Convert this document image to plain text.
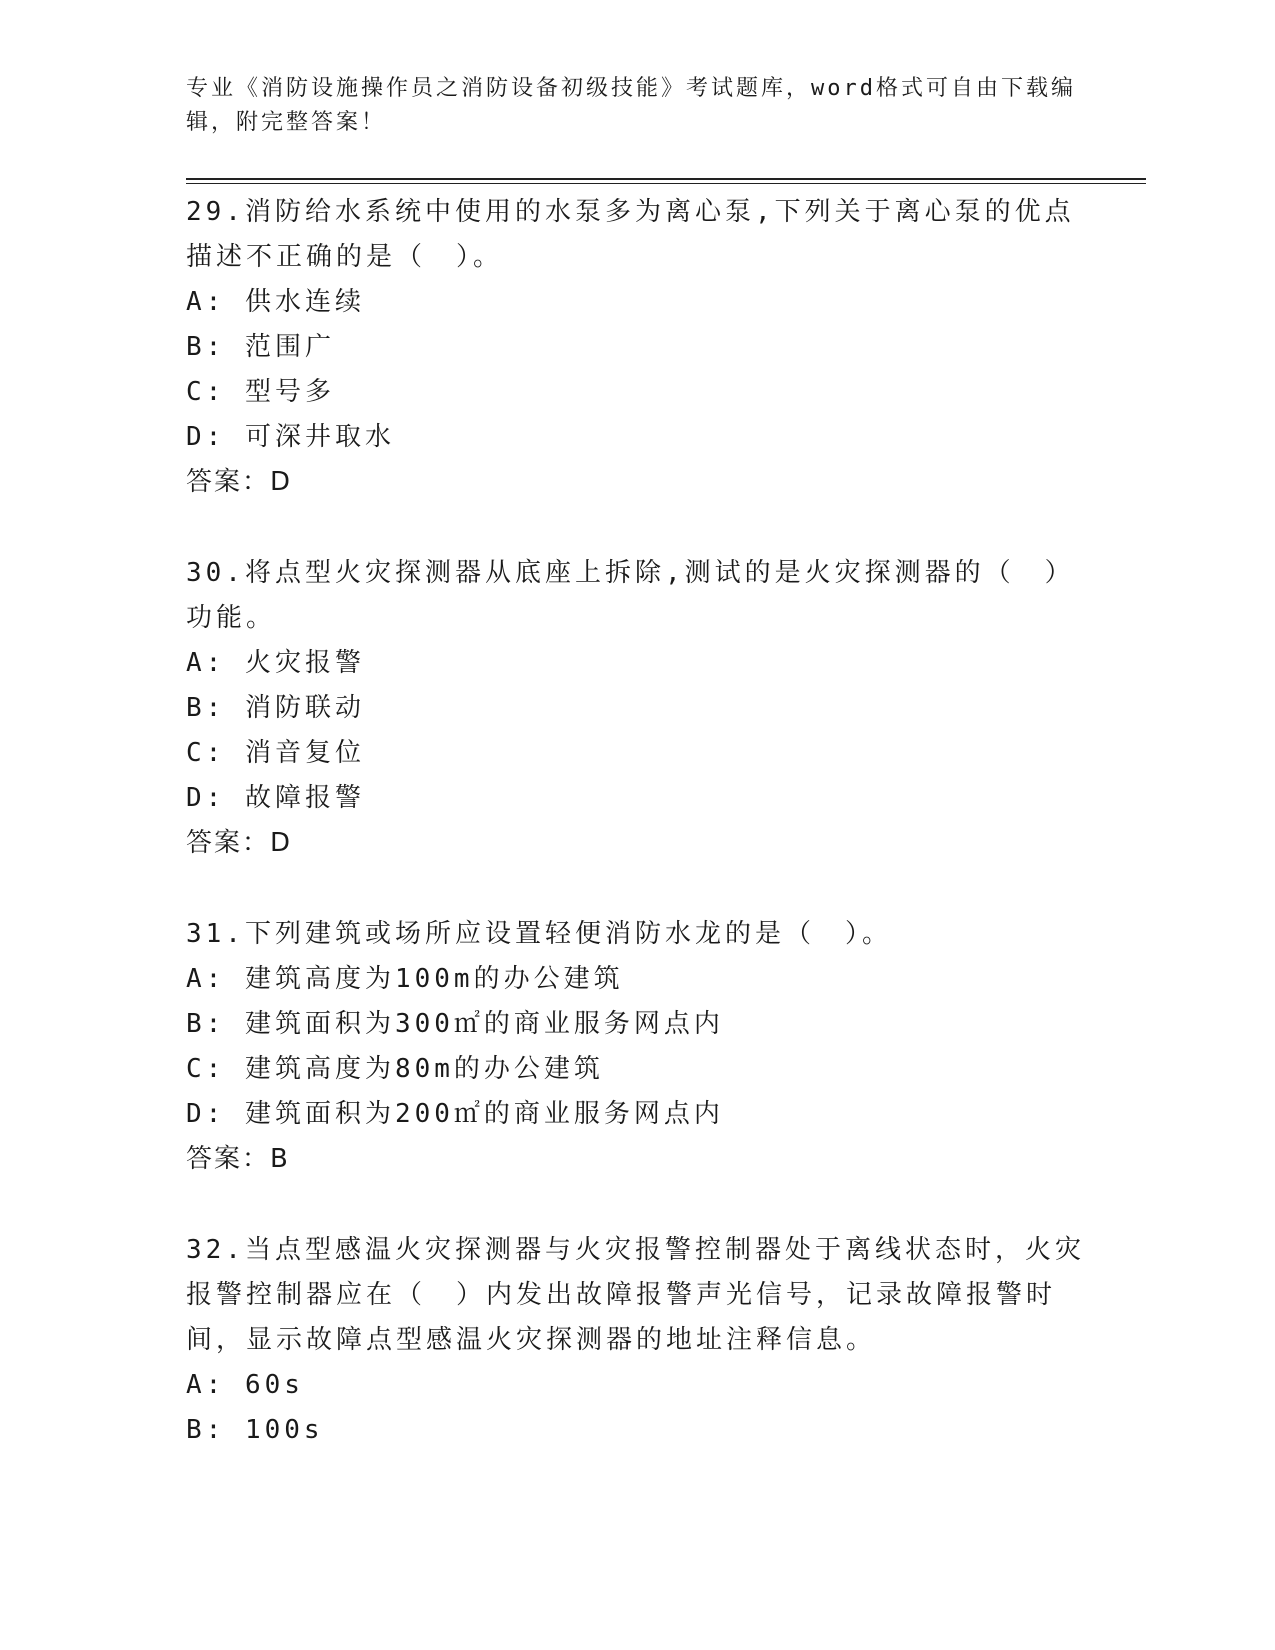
专业《消防设施操作员之消防设备初级技能》考试题库，word格式可自由下载编辑，附完整答案！

29.消防给水系统中使用的水泵多为离心泵,下列关于离心泵的优点描述不正确的是（　）。

A: 供水连续

B: 范围广

C: 型号多

D: 可深井取水

答案：D

30.将点型火灾探测器从底座上拆除,测试的是火灾探测器的（　）功能。

A: 火灾报警

B: 消防联动

C: 消音复位

D: 故障报警

答案：D

31.下列建筑或场所应设置轻便消防水龙的是（　）。

A: 建筑高度为100m的办公建筑

B: 建筑面积为300㎡的商业服务网点内

C: 建筑高度为80m的办公建筑

D: 建筑面积为200㎡的商业服务网点内

答案：B

32.当点型感温火灾探测器与火灾报警控制器处于离线状态时，火灾报警控制器应在（　）内发出故障报警声光信号，记录故障报警时间，显示故障点型感温火灾探测器的地址注释信息。

A: 60s

B: 100s
